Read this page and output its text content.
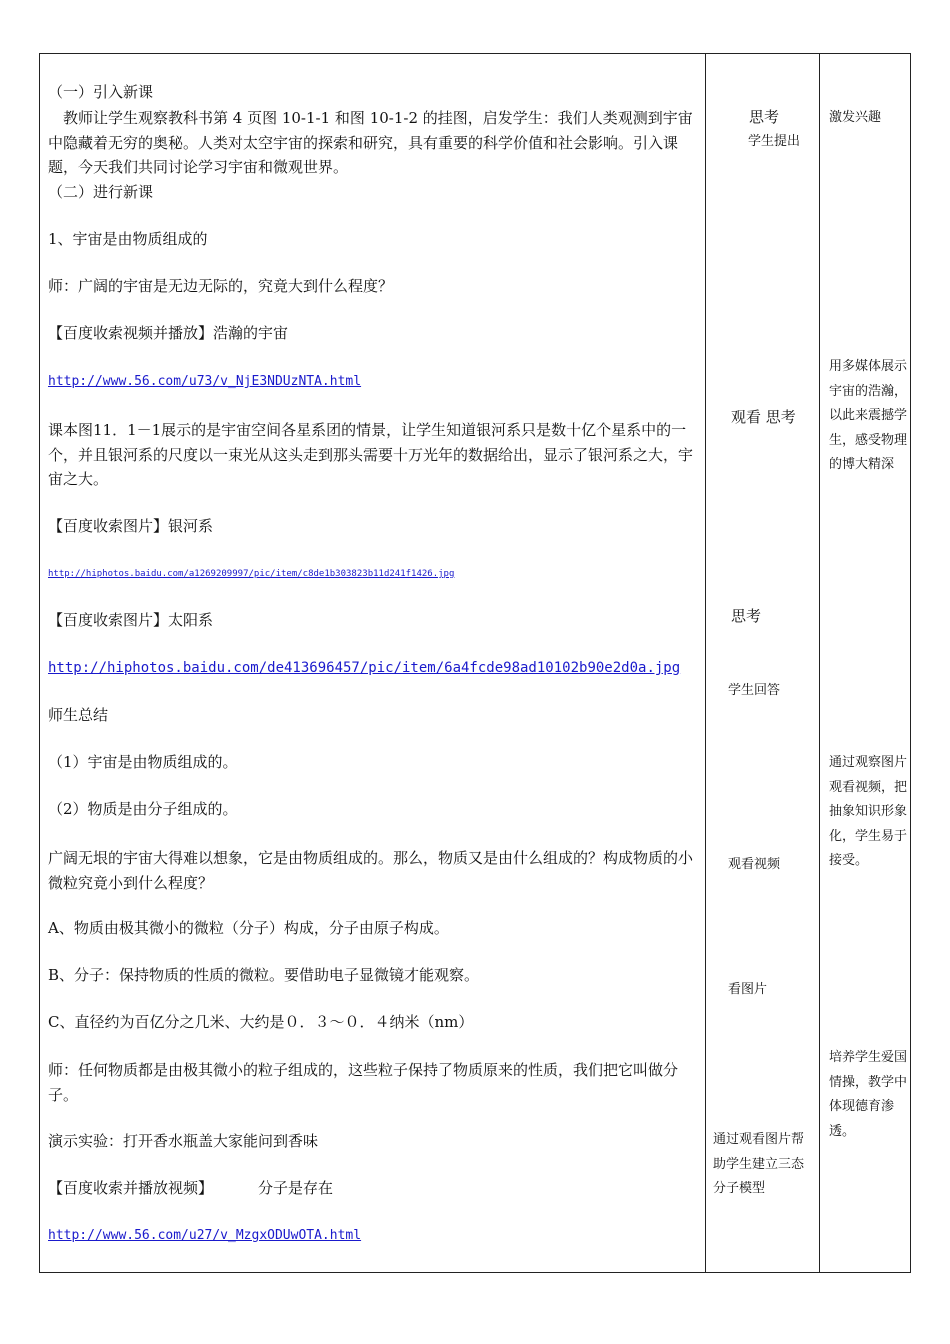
（一）引入新课
教师让学生观察教科书第 4 页图 10-1-1 和图 10-1-2 的挂图，启发学生：我们人类观测到宇宙中隐藏着无穷的奥秘。人类对太空宇宙的探索和研究，具有重要的科学价值和社会影响。引入课题，今天我们共同讨论学习宇宙和微观世界。
（二）进行新课
1、宇宙是由物质组成的
师：广阔的宇宙是无边无际的，究竟大到什么程度？
【百度收索视频并播放】浩瀚的宇宙
http://www.56.com/u73/v_NjE3NDUzNTA.html
课本图11．1－1展示的是宇宙空间各星系团的情景，让学生知道银河系只是数十亿个星系中的一个，并且银河系的尺度以一束光从这头走到那头需要十万光年的数据给出，显示了银河系之大，宇宙之大。
【百度收索图片】银河系
http://hiphotos.baidu.com/a1269209997/pic/item/c8de1b303823b11d241f1426.jpg
【百度收索图片】太阳系
http://hiphotos.baidu.com/de413696457/pic/item/6a4fcde98ad10102b90e2d0a.jpg
师生总结
（1）宇宙是由物质组成的。
（2）物质是由分子组成的。
广阔无垠的宇宙大得难以想象，它是由物质组成的。那么，物质又是由什么组成的？构成物质的小微粒究竟小到什么程度？
A、物质由极其微小的微粒（分子）构成，分子由原子构成。
B、分子：保持物质的性质的微粒。要借助电子显微镜才能观察。
C、直径约为百亿分之几米、大约是０．３～０．４纳米（nm）
师：任何物质都是由极其微小的粒子组成的，这些粒子保持了物质原来的性质，我们把它叫做分子。
演示实验：打开香水瓶盖大家能问到香味
【百度收索并播放视频】	分子是存在
http://www.56.com/u27/v_MzgxODUwOTA.html
思考
学生提出
观看 思考
思考
学生回答
观看视频
看图片
通过观看图片帮助学生建立三态分子模型
激发兴趣
用多媒体展示宇宙的浩瀚，以此来震撼学生，感受物理的博大精深
通过观察图片观看视频，把抽象知识形象化，学生易于接受。
培养学生爱国情操，教学中体现德育渗透。
